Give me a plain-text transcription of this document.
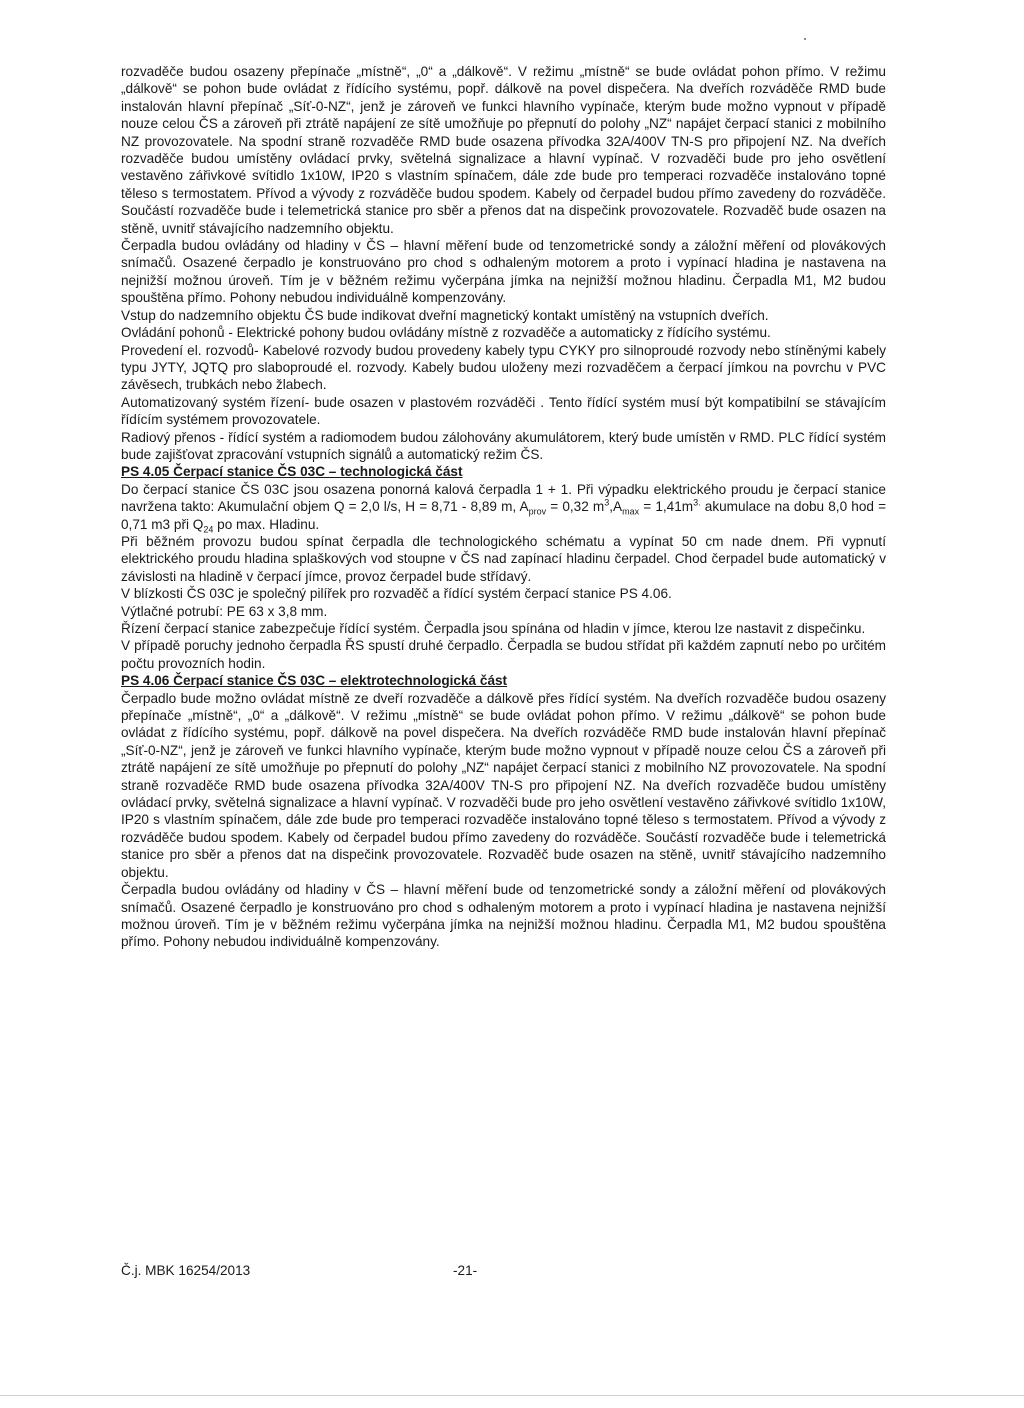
rozvaděče budou osazeny přepínače „místně“, „0“ a „dálkově“. V režimu „místně“ se bude ovládat pohon přímo. V režimu „dálkově“ se pohon bude ovládat z řídícího systému, popř. dálkově na povel dispečera. Na dveřích rozváděče RMD bude instalován hlavní přepínač „Síť-0-NZ“, jenž je zároveň ve funkci hlavního vypínače, kterým bude možno vypnout v případě nouze celou ČS a zároveň při ztrátě napájení ze sítě umožňuje po přepnutí do polohy „NZ“ napájet čerpací stanici z mobilního NZ provozovatele. Na spodní straně rozvaděče RMD bude osazena přívodka 32A/400V TN-S pro připojení NZ. Na dveřích rozvaděče budou umístěny ovládací prvky, světelná signalizace a hlavní vypínač. V rozvaděči bude pro jeho osvětlení vestavěno zářivkové svítidlo 1x10W, IP20 s vlastním spínačem, dále zde bude pro temperaci rozvaděče instalováno topné těleso s termostatem. Přívod a vývody z rozváděče budou spodem. Kabely od čerpadel budou přímo zavedeny do rozváděče. Součástí rozvaděče bude i telemetrická stanice pro sběr a přenos dat na dispečink provozovatele. Rozvaděč bude osazen na stěně, uvnitř stávajícího nadzemního objektu.

Čerpadla budou ovládány od hladiny v ČS – hlavní měření bude od tenzometrické sondy a záložní měření od plovákových snímačů. Osazené čerpadlo je konstruováno pro chod s odhaleným motorem a proto i vypínací hladina je nastavena na nejnižší možnou úroveň. Tím je v běžném režimu vyčerpána jímka na nejnižší možnou hladinu. Čerpadla M1, M2 budou spouštěna přímo. Pohony nebudou individuálně kompenzovány.

Vstup do nadzemního objektu ČS bude indikovat dveřní magnetický kontakt umístěný na vstupních dveřích.

Ovládání pohonů - Elektrické pohony budou ovládány místně z rozvaděče a automaticky z řídícího systému.

Provedení el. rozvodů- Kabelové rozvody budou provedeny kabely typu CYKY pro silnoproudé rozvody nebo stíněnými kabely typu JYTY, JQTQ pro slaboproudé el. rozvody. Kabely budou uloženy mezi rozvaděčem a čerpací jímkou na povrchu v PVC závěsech, trubkách nebo žlabech.

Automatizovaný systém řízení- bude osazen v plastovém rozváděči . Tento řídící systém musí být kompatibilní se stávajícím řídícím systémem provozovatele.

Radiový přenos - řídící systém a radiomodem budou zálohovány akumulátorem, který bude umístěn v RMD. PLC řídící systém bude zajišťovat zpracování vstupních signálů a automatický režim ČS.

PS 4.05 Čerpací stanice ČS 03C – technologická část

Do čerpací stanice ČS 03C jsou osazena ponorná kalová čerpadla 1 + 1. Při výpadku elektrického proudu je čerpací stanice navržena takto: Akumulační objem Q = 2,0 l/s, H = 8,71 - 8,89 m, $A_{prov} = 0,32$ $m^3,A_{max} = 1,41m^{3.}$ akumulace na dobu 8,0 hod = 0,71 m3 při $Q_{24}$ po max. Hladinu.

Při běžném provozu budou spínat čerpadla dle technologického schématu a vypínat 50 cm nade dnem. Při vypnutí elektrického proudu hladina splaškových vod stoupne v ČS nad zapínací hladinu čerpadel. Chod čerpadel bude automatický v závislosti na hladině v čerpací jímce, provoz čerpadel bude střídavý.

V blízkosti ČS 03C je společný pilířek pro rozvaděč a řídící systém čerpací stanice PS 4.06.

Výtlačné potrubí: PE 63 x 3,8 mm.

Řízení čerpací stanice zabezpečuje řídící systém. Čerpadla jsou spínána od hladin v jímce, kterou lze nastavit z dispečinku.

V případě poruchy jednoho čerpadla ŘS spustí druhé čerpadlo. Čerpadla se budou střídat při každém zapnutí nebo po určitém počtu provozních hodin.

PS 4.06 Čerpací stanice ČS 03C – elektrotechnologická část

Čerpadlo bude možno ovládat místně ze dveří rozvaděče a dálkově přes řídící systém. Na dveřích rozvaděče budou osazeny přepínače „místně“, „0“ a „dálkově“. V režimu „místně“ se bude ovládat pohon přímo. V režimu „dálkově“ se pohon bude ovládat z řídícího systému, popř. dálkově na povel dispečera. Na dveřích rozváděče RMD bude instalován hlavní přepínač „Síť-0-NZ“, jenž je zároveň ve funkci hlavního vypínače, kterým bude možno vypnout v případě nouze celou ČS a zároveň při ztrátě napájení ze sítě umožňuje po přepnutí do polohy „NZ“ napájet čerpací stanici z mobilního NZ provozovatele. Na spodní straně rozvaděče RMD bude osazena přívodka 32A/400V TN-S pro připojení NZ. Na dveřích rozvaděče budou umístěny ovládací prvky, světelná signalizace a hlavní vypínač. V rozvaděči bude pro jeho osvětlení vestavěno zářivkové svítidlo 1x10W, IP20 s vlastním spínačem, dále zde bude pro temperaci rozvaděče instalováno topné těleso s termostatem. Přívod a vývody z rozváděče budou spodem. Kabely od čerpadel budou přímo zavedeny do rozváděče. Součástí rozvaděče bude i telemetrická stanice pro sběr a přenos dat na dispečink provozovatele. Rozvaděč bude osazen na stěně, uvnitř stávajícího nadzemního objektu.

Čerpadla budou ovládány od hladiny v ČS – hlavní měření bude od tenzometrické sondy a záložní měření od plovákových snímačů. Osazené čerpadlo je konstruováno pro chod s odhaleným motorem a proto i vypínací hladina je nastavena nejnižší možnou úroveň. Tím je v běžném režimu vyčerpána jímka na nejnižší možnou hladinu. Čerpadla M1, M2 budou spouštěna přímo. Pohony nebudou individuálně kompenzovány.

Č.j. MBK 16254/2013	-21-
